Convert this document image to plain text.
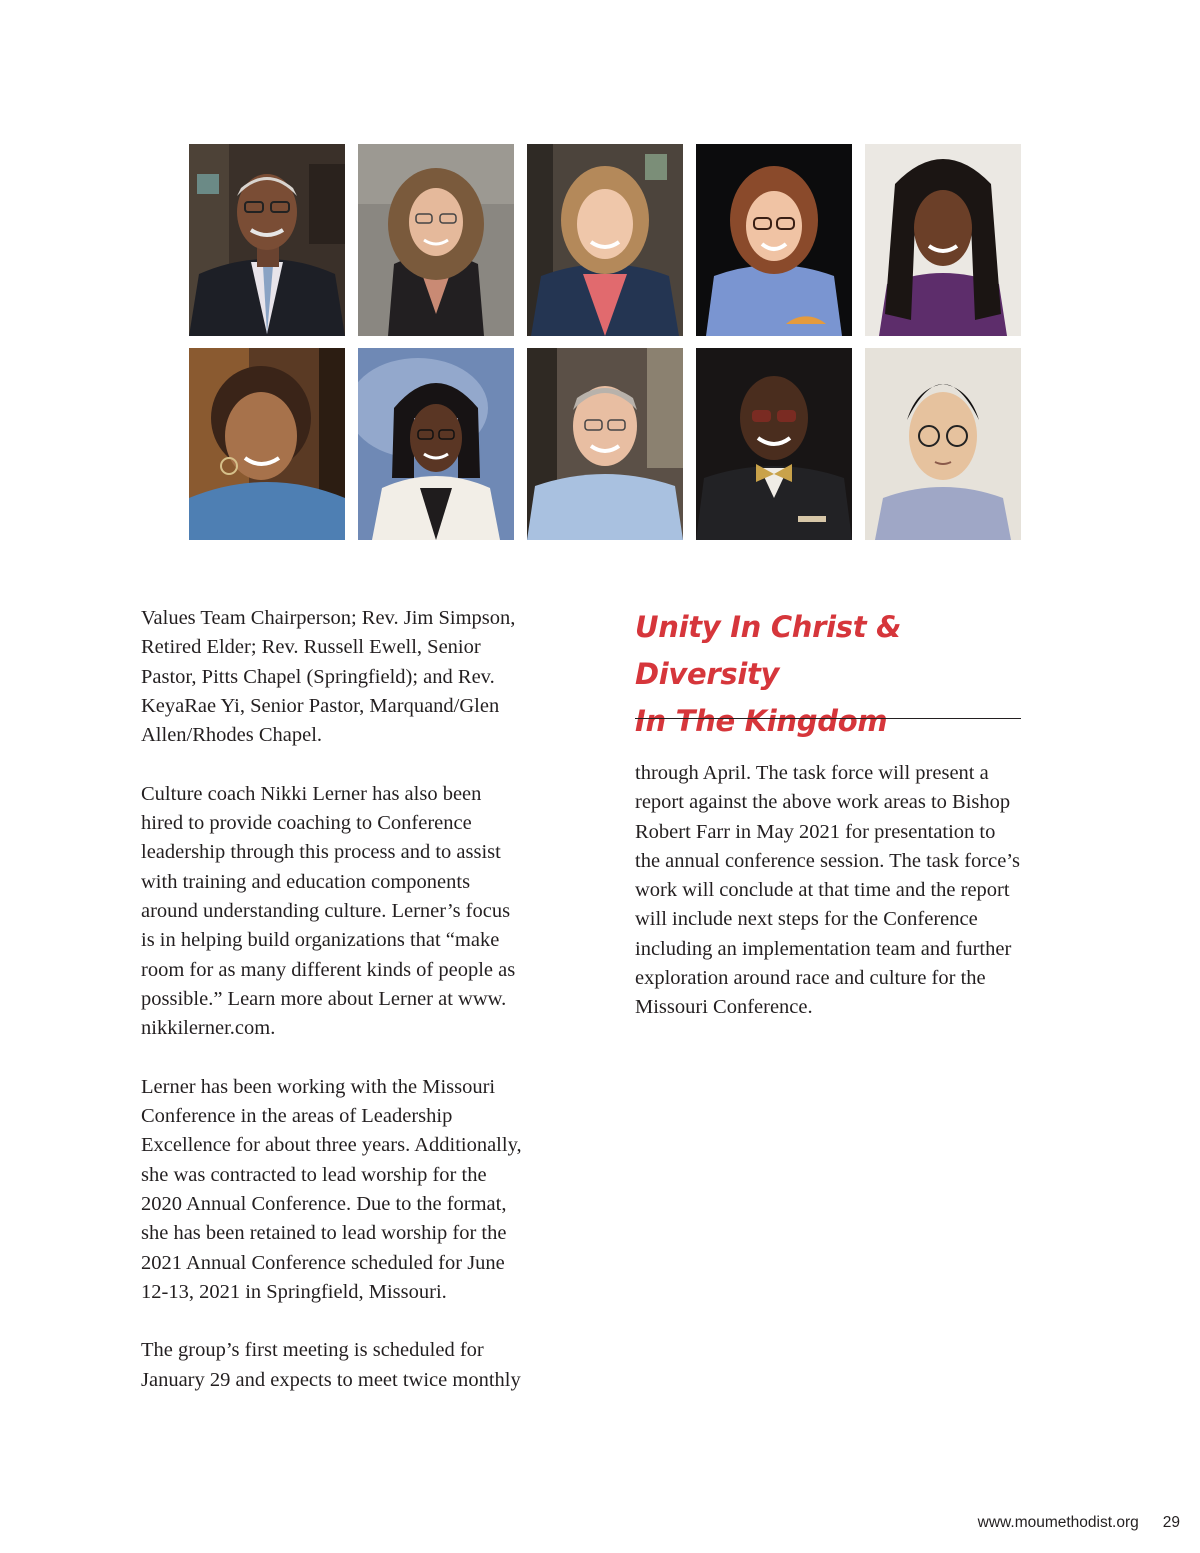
Values Team Chairperson; Rev. Jim Simpson,
Retired Elder; Rev. Russell Ewell, Senior
Pastor, Pitts Chapel (Springfield); and Rev.
KeyaRae Yi, Senior Pastor, Marquand/Glen
Allen/Rhodes Chapel.

Culture coach Nikki Lerner has also been
hired to provide coaching to Conference
leadership through this process and to assist
with training and education components
around understanding culture. Lerner’s focus
is in helping build organizations that “make
room for as many different kinds of people as
possible.” Learn more about Lerner at www.
nikkilerner.com.

Lerner has been working with the Missouri
Conference in the areas of Leadership
Excellence for about three years. Additionally,
she was contracted to lead worship for the
2020 Annual Conference. Due to the format,
she has been retained to lead worship for the
2021 Annual Conference scheduled for June
12-13, 2021 in Springfield, Missouri.

The group’s first meeting is scheduled for
January 29 and expects to meet twice monthly

Unity In Christ & Diversity
In The Kingdom

through April. The task force will present a
report against the above work areas to Bishop
Robert Farr in May 2021 for presentation to
the annual conference session. The task force’s
work will conclude at that time and the report
will include next steps for the Conference
including an implementation team and further
exploration around race and culture for the
Missouri Conference.

www.moumethodist.org 29
